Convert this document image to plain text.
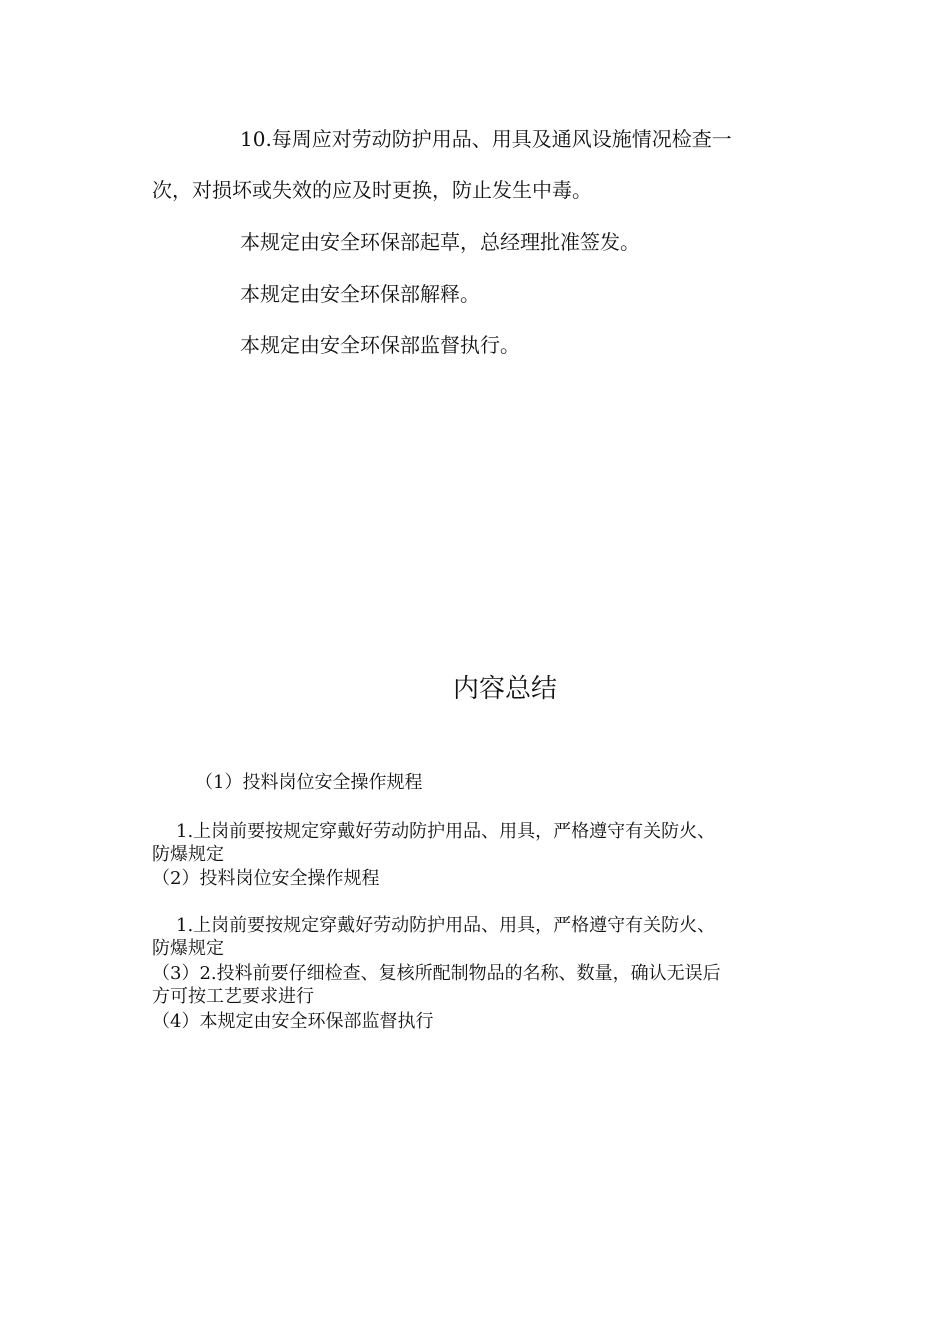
10.每周应对劳动防护用品、用具及通风设施情况检查一
次，对损坏或失效的应及时更换，防止发生中毒。
本规定由安全环保部起草，总经理批准签发。
本规定由安全环保部解释。
本规定由安全环保部监督执行。
内容总结
（1）投料岗位安全操作规程
1.上岗前要按规定穿戴好劳动防护用品、用具，严格遵守有关防火、
防爆规定
（2）投料岗位安全操作规程
1.上岗前要按规定穿戴好劳动防护用品、用具，严格遵守有关防火、
防爆规定
（3）2.投料前要仔细检查、复核所配制物品的名称、数量，确认无误后
方可按工艺要求进行
（4）本规定由安全环保部监督执行
